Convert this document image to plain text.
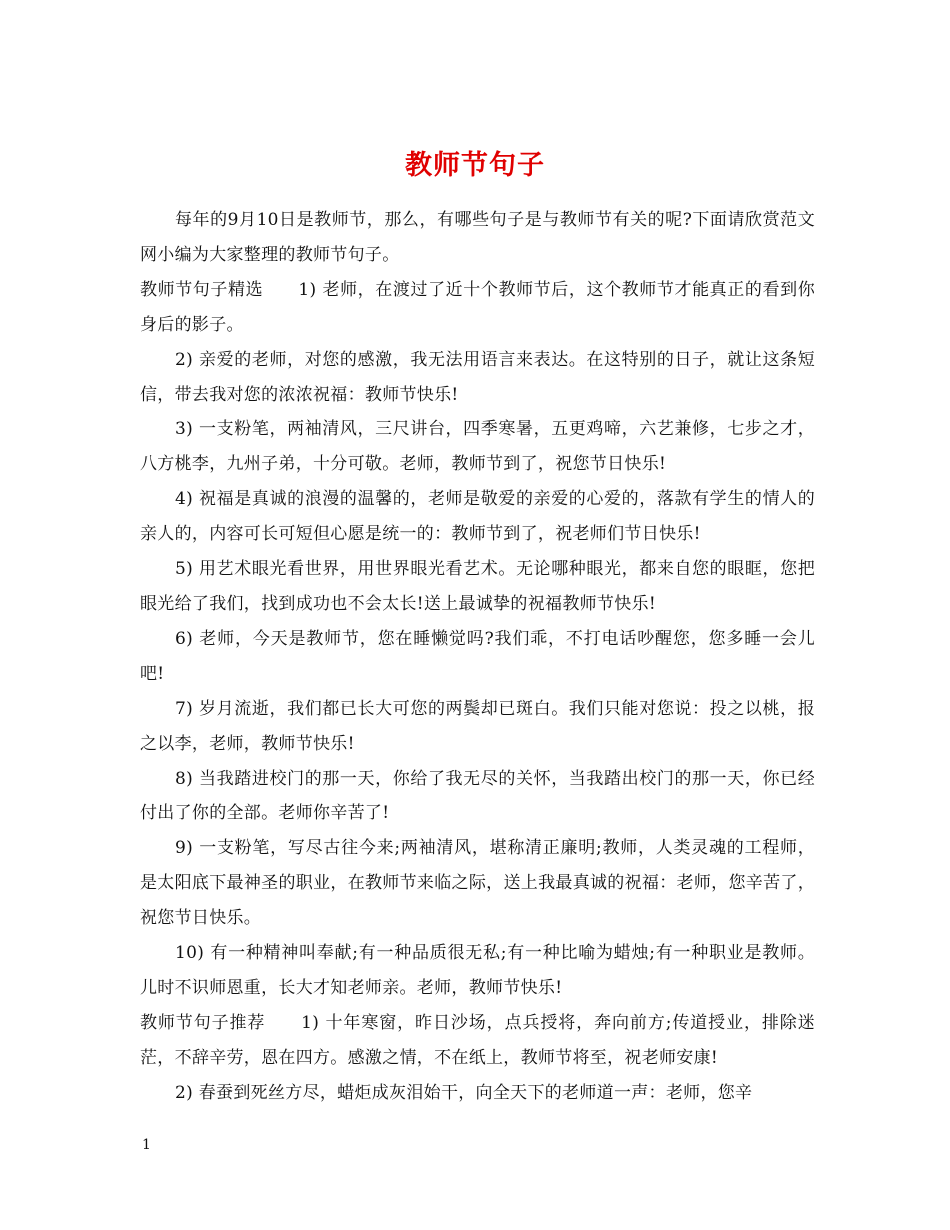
教师节句子

每年的9月10日是教师节，那么，有哪些句子是与教师节有关的呢?下面请欣赏范文网小编为大家整理的教师节句子。

教师节句子精选　　1) 老师，在渡过了近十个教师节后，这个教师节才能真正的看到你身后的影子。

2) 亲爱的老师，对您的感激，我无法用语言来表达。在这特别的日子，就让这条短信，带去我对您的浓浓祝福：教师节快乐!

3) 一支粉笔，两袖清风，三尺讲台，四季寒暑，五更鸡啼，六艺兼修，七步之才，八方桃李，九州子弟，十分可敬。老师，教师节到了，祝您节日快乐!

4) 祝福是真诚的浪漫的温馨的，老师是敬爱的亲爱的心爱的，落款有学生的情人的亲人的，内容可长可短但心愿是统一的：教师节到了，祝老师们节日快乐!

5) 用艺术眼光看世界，用世界眼光看艺术。无论哪种眼光，都来自您的眼眶，您把眼光给了我们，找到成功也不会太长!送上最诚挚的祝福教师节快乐!

6) 老师，今天是教师节，您在睡懒觉吗?我们乖，不打电话吵醒您，您多睡一会儿吧!

7) 岁月流逝，我们都已长大可您的两鬓却已斑白。我们只能对您说：投之以桃，报之以李，老师，教师节快乐!

8) 当我踏进校门的那一天，你给了我无尽的关怀，当我踏出校门的那一天，你已经付出了你的全部。老师你辛苦了!

9) 一支粉笔，写尽古往今来;两袖清风，堪称清正廉明;教师，人类灵魂的工程师，是太阳底下最神圣的职业，在教师节来临之际，送上我最真诚的祝福：老师，您辛苦了，祝您节日快乐。

10) 有一种精神叫奉献;有一种品质很无私;有一种比喻为蜡烛;有一种职业是教师。儿时不识师恩重，长大才知老师亲。老师，教师节快乐!

教师节句子推荐　　1) 十年寒窗，昨日沙场，点兵授将，奔向前方;传道授业，排除迷茫，不辞辛劳，恩在四方。感激之情，不在纸上，教师节将至，祝老师安康!

2) 春蚕到死丝方尽，蜡炬成灰泪始干，向全天下的老师道一声：老师，您辛

1
